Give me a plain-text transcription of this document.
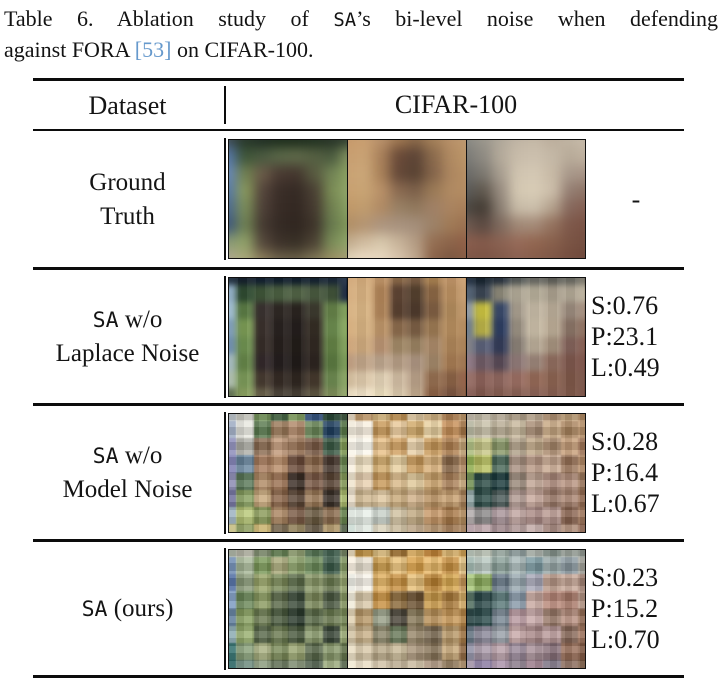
Table 6. Ablation study of SA’s bi-level noise when defending
against FORA [53] on CIFAR-100.
Dataset	CIFAR-100
Ground
Truth
-
SA w/o
Laplace Noise
S:0.76
P:23.1
L:0.49
SA w/o
Model Noise
S:0.28
P:16.4
L:0.67
SA (ours)
S:0.23
P:15.2
L:0.70
